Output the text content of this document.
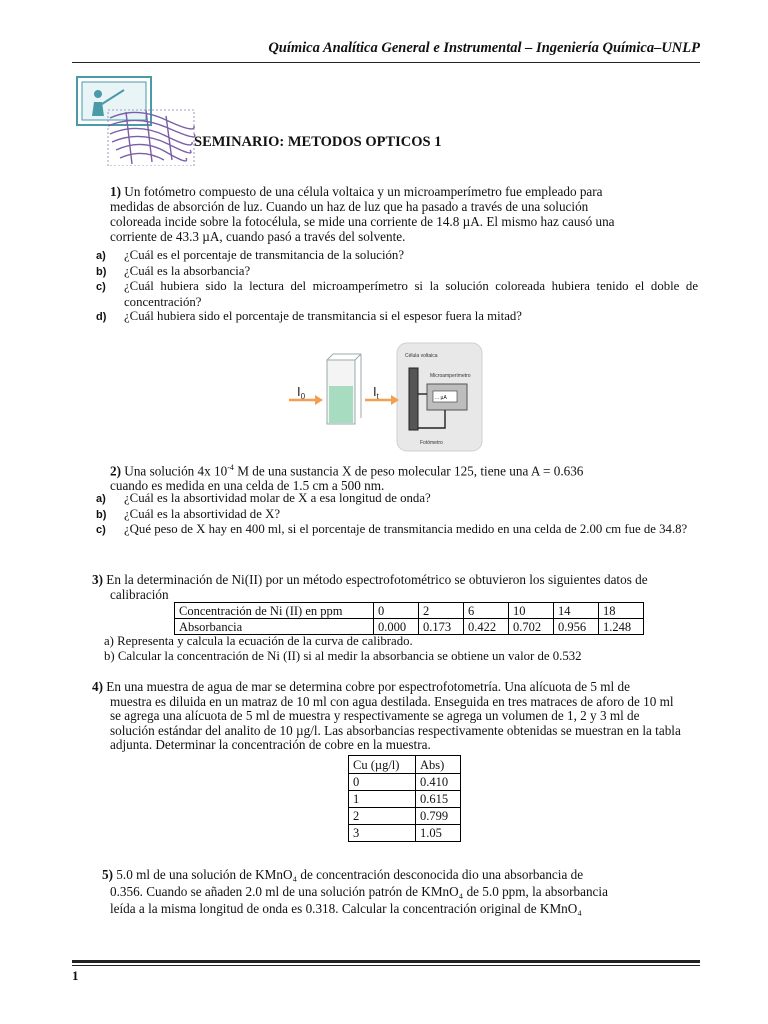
Química Analítica General e Instrumental – Ingeniería Química–UNLP
SEMINARIO: METODOS OPTICOS 1
1) Un fotómetro compuesto de una célula voltaica y un microamperímetro fue empleado para
medidas de absorción de luz. Cuando un haz de luz que ha pasado a través de una solución
coloreada incide sobre la fotocélula, se mide una corriente de 14.8 µA. El mismo haz causó una
corriente de 43.3 µA, cuando pasó a través del solvente.
a) ¿Cuál es el porcentaje de transmitancia de la solución?
b) ¿Cuál es la absorbancia?
c) ¿Cuál hubiera sido la lectura del microamperímetro si la solución coloreada hubiera tenido el doble de concentración?
d) ¿Cuál hubiera sido el porcentaje de transmitancia si el espesor fuera la mitad?
$I_0$	$I_t$
Célula voltaica
Microamperímetro
... µA
Fotómetro
2) Una solución 4x $10^{-4}$ M de una sustancia X de peso molecular 125, tiene una A = 0.636
cuando es medida en una celda de 1.5 cm a 500 nm.
a) ¿Cuál es la absortividad molar de X a esa longitud de onda?
b) ¿Cuál es la absortividad de X?
c) ¿Qué peso de X hay en 400 ml, si el porcentaje de transmitancia medido en una celda de 2.00 cm fue de 34.8?
3) En la determinación de Ni(II) por un método espectrofotométrico se obtuvieron los siguientes datos de
calibración
Concentración de Ni (II) en ppm	0	2	6	10	14	18
Absorbancia	0.000	0.173	0.422	0.702	0.956	1.248
a) Representa y calcula la ecuación de la curva de calibrado.
b) Calcular la concentración de Ni (II) si al medir la absorbancia se obtiene un valor de 0.532
4) En una muestra de agua de mar se determina cobre por espectrofotometría. Una alícuota de 5 ml de
muestra es diluida en un matraz de 10 ml con agua destilada. Enseguida en tres matraces de aforo de 10 ml
se agrega una alícuota de 5 ml de muestra y respectivamente se agrega un volumen de 1, 2 y 3 ml de
solución estándar del analito de 10 µg/l. Las absorbancias respectivamente obtenidas se muestran en la tabla
adjunta. Determinar la concentración de cobre en la muestra.
Cu (µg/l)	Abs)
0	0.410
1	0.615
2	0.799
3	1.05
5) 5.0 ml de una solución de KMnO₄ de concentración desconocida dio una absorbancia de
0.356. Cuando se añaden 2.0 ml de una solución patrón de KMnO₄ de 5.0 ppm, la absorbancia
leída a la misma longitud de onda es 0.318. Calcular la concentración original de KMnO₄
1
